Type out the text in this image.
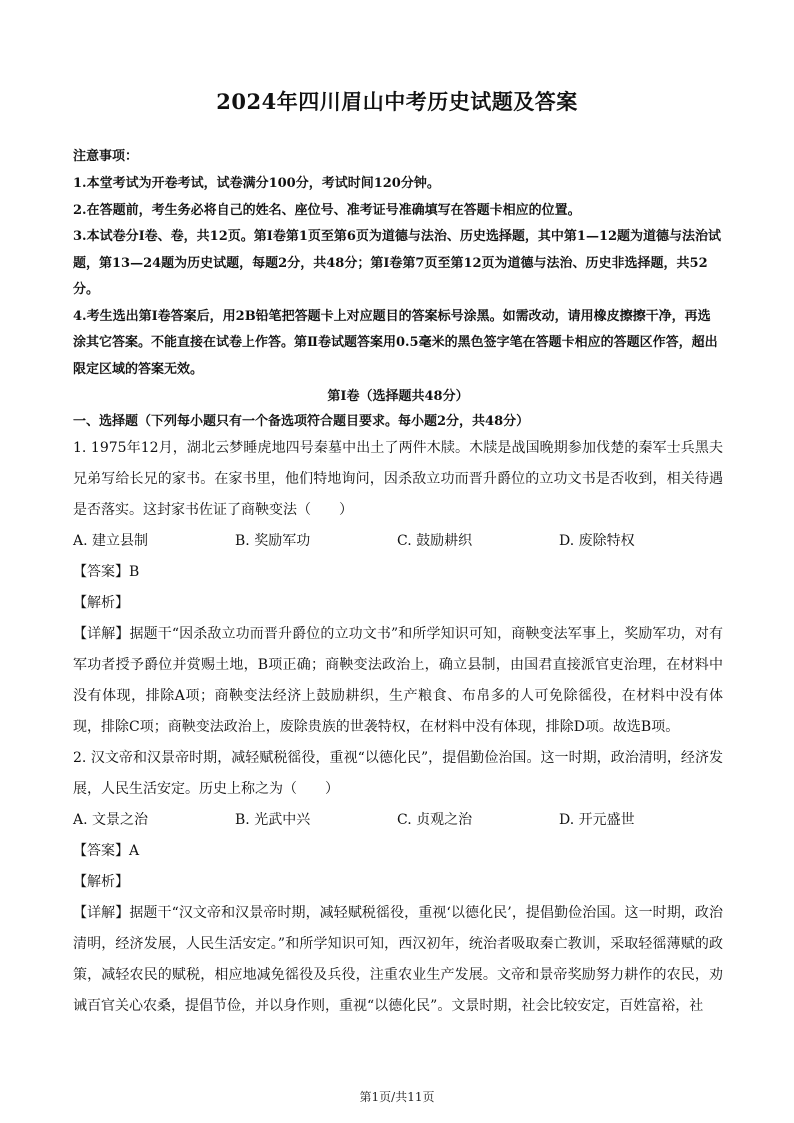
2024年四川眉山中考历史试题及答案

注意事项：

1.本堂考试为开卷考试，试卷满分100分，考试时间120分钟。

2.在答题前，考生务必将自己的姓名、座位号、准考证号准确填写在答题卡相应的位置。

3.本试卷分Ⅰ卷、卷，共12页。第Ⅰ卷第1页至第6页为道德与法治、历史选择题，其中第1—12题为道德与法治试题，第13—24题为历史试题，每题2分，共48分；第Ⅰ卷第7页至第12页为道德与法治、历史非选择题，共52分。

4.考生选出第Ⅰ卷答案后，用2B铅笔把答题卡上对应题目的答案标号涂黑。如需改动，请用橡皮擦擦干净，再选涂其它答案。不能直接在试卷上作答。第Ⅱ卷试题答案用0.5毫米的黑色签字笔在答题卡相应的答题区作答，超出限定区域的答案无效。

第Ⅰ卷（选择题共48分）

一、选择题（下列每小题只有一个备选项符合题目要求。每小题2分，共48分）

1. 1975年12月，湖北云梦睡虎地四号秦墓中出土了两件木牍。木牍是战国晚期参加伐楚的秦军士兵黑夫兄弟写给长兄的家书。在家书里，他们特地询问，因杀敌立功而晋升爵位的立功文书是否收到，相关待遇是否落实。这封家书佐证了商鞅变法（　　）

A. 建立县制	B. 奖励军功	C. 鼓励耕织	D. 废除特权

【答案】B

【解析】

【详解】据题干“因杀敌立功而晋升爵位的立功文书”和所学知识可知，商鞅变法军事上，奖励军功，对有军功者授予爵位并赏赐土地，B项正确；商鞅变法政治上，确立县制，由国君直接派官吏治理，在材料中没有体现，排除A项；商鞅变法经济上鼓励耕织，生产粮食、布帛多的人可免除徭役，在材料中没有体现，排除C项；商鞅变法政治上，废除贵族的世袭特权，在材料中没有体现，排除D项。故选B项。

2. 汉文帝和汉景帝时期，减轻赋税徭役，重视“以德化民”，提倡勤俭治国。这一时期，政治清明，经济发展，人民生活安定。历史上称之为（　　）

A. 文景之治	B. 光武中兴	C. 贞观之治	D. 开元盛世

【答案】A

【解析】

【详解】据题干“汉文帝和汉景帝时期，减轻赋税徭役，重视‘以德化民’，提倡勤俭治国。这一时期，政治清明，经济发展，人民生活安定。”和所学知识可知，西汉初年，统治者吸取秦亡教训，采取轻徭薄赋的政策，减轻农民的赋税，相应地减免徭役及兵役，注重农业生产发展。文帝和景帝奖励努力耕作的农民，劝诫百官关心农桑，提倡节俭，并以身作则，重视“以德化民”。文景时期，社会比较安定，百姓富裕，社

第1页/共11页
